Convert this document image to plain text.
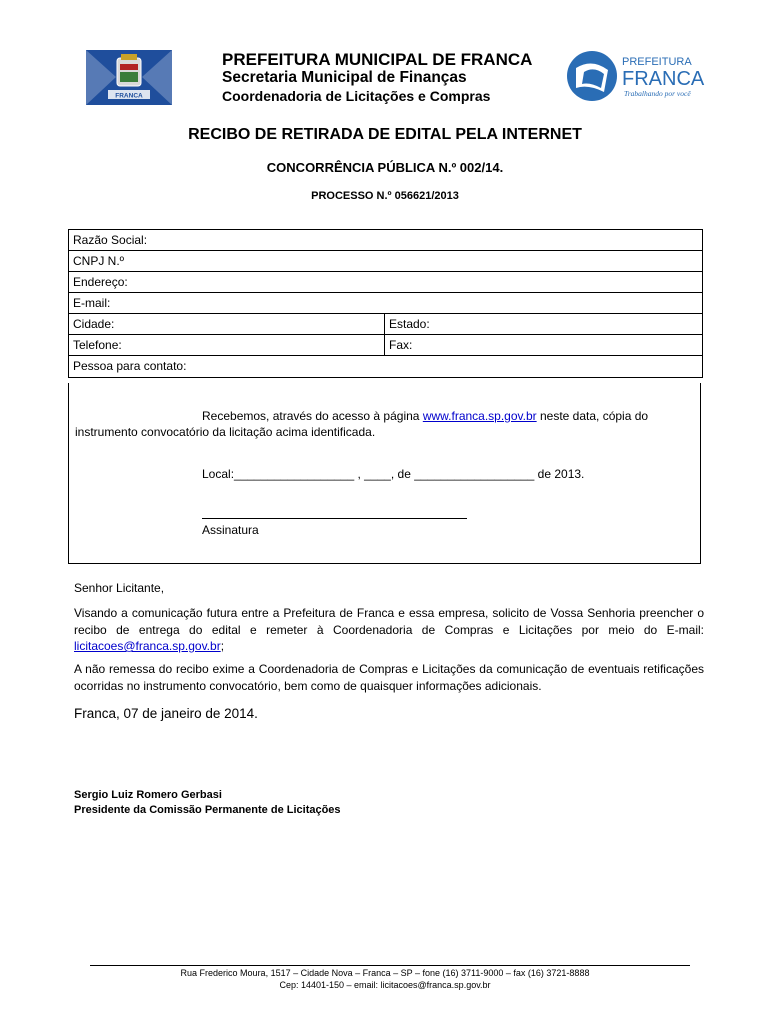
FRANCA
PREFEITURA MUNICIPAL DE FRANCA
Secretaria Municipal de Finanças
Coordenadoria de Licitações e Compras
PREFEITURA
FRANCA
Trabalhando por você
RECIBO DE RETIRADA DE EDITAL PELA INTERNET
CONCORRÊNCIA PÚBLICA N.º 002/14.
PROCESSO N.º 056621/2013
Razão Social:
CNPJ N.º
Endereço:
E-mail:
Cidade:	Estado:
Telefone:	Fax:
Pessoa para contato:
Recebemos, através do acesso à página www.franca.sp.gov.br neste data, cópia do
instrumento convocatório da licitação acima identificada.
Local:__________________ , ____, de __________________ de 2013.
Assinatura
Senhor Licitante,
Visando a comunicação futura entre a Prefeitura de Franca e essa empresa, solicito de Vossa Senhoria preencher o recibo de entrega do edital e remeter à Coordenadoria de Compras e Licitações por meio do E-mail: licitacoes@franca.sp.gov.br;
A não remessa do recibo exime a Coordenadoria de Compras e Licitações da comunicação de eventuais retificações ocorridas no instrumento convocatório, bem como de quaisquer informações adicionais.
Franca, 07 de janeiro de 2014.
Sergio Luiz Romero Gerbasi
Presidente da Comissão Permanente de Licitações
Rua Frederico Moura, 1517 – Cidade Nova – Franca – SP – fone (16) 3711-9000 – fax (16) 3721-8888
Cep: 14401-150 – email: licitacoes@franca.sp.gov.br
